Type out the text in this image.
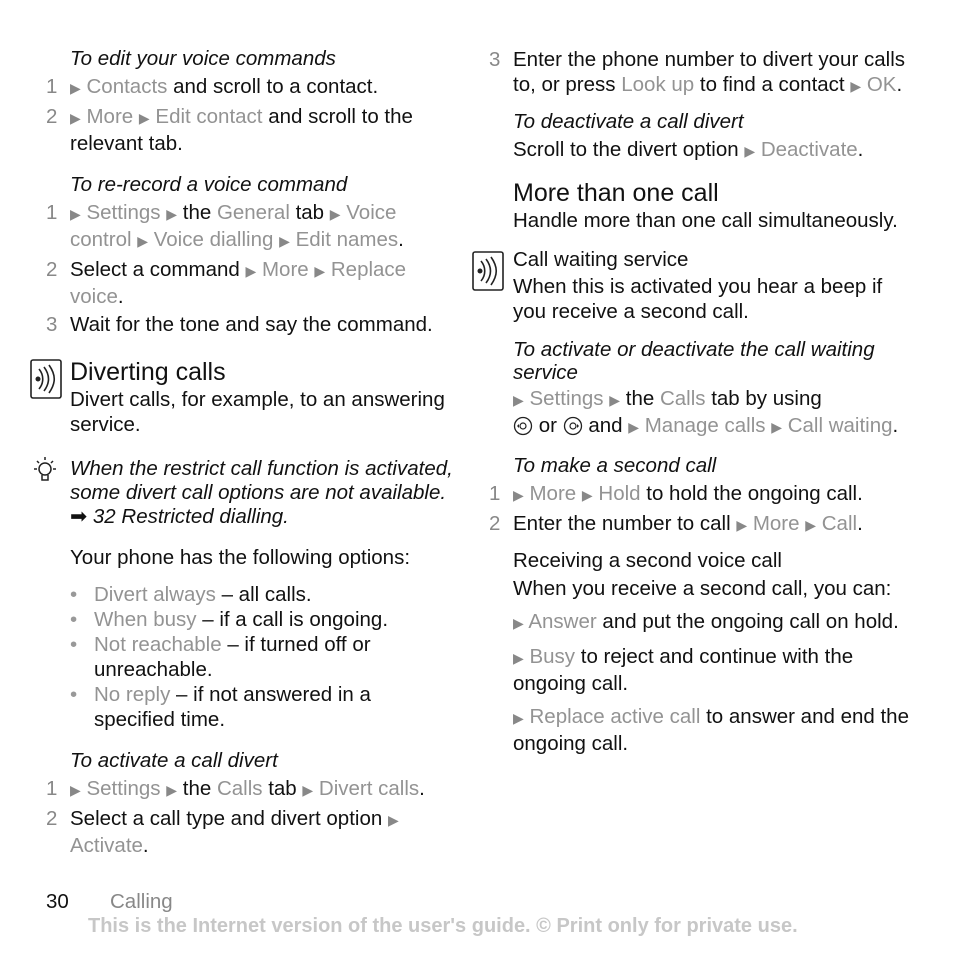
To edit your voice commands

1 ▶ Contacts and scroll to a contact.
2 ▶ More ▶ Edit contact and scroll to the relevant tab.

To re-record a voice command

1 ▶ Settings ▶ the General tab ▶ Voice control ▶ Voice dialling ▶ Edit names.
2 Select a command ▶ More ▶ Replace voice.
3 Wait for the tone and say the command.

Diverting calls

Divert calls, for example, to an answering service.

When the restrict call function is activated, some divert call options are not available. ➡ 32 Restricted dialling.

Your phone has the following options:

• Divert always – all calls.
• When busy – if a call is ongoing.
• Not reachable – if turned off or unreachable.
• No reply – if not answered in a specified time.

To activate a call divert

1 ▶ Settings ▶ the Calls tab ▶ Divert calls.
2 Select a call type and divert option ▶ Activate.
3 Enter the phone number to divert your calls to, or press Look up to find a contact ▶ OK.

To deactivate a call divert

Scroll to the divert option ▶ Deactivate.

More than one call

Handle more than one call simultaneously.

Call waiting service

When this is activated you hear a beep if you receive a second call.

To activate or deactivate the call waiting service

▶ Settings ▶ the Calls tab by using
or  and ▶ Manage calls ▶ Call waiting.

To make a second call

1 ▶ More ▶ Hold to hold the ongoing call.
2 Enter the number to call ▶ More ▶ Call.

Receiving a second voice call

When you receive a second call, you can:

▶ Answer and put the ongoing call on hold.

▶ Busy to reject and continue with the ongoing call.

▶ Replace active call to answer and end the ongoing call.

30 Calling
This is the Internet version of the user's guide. © Print only for private use.
